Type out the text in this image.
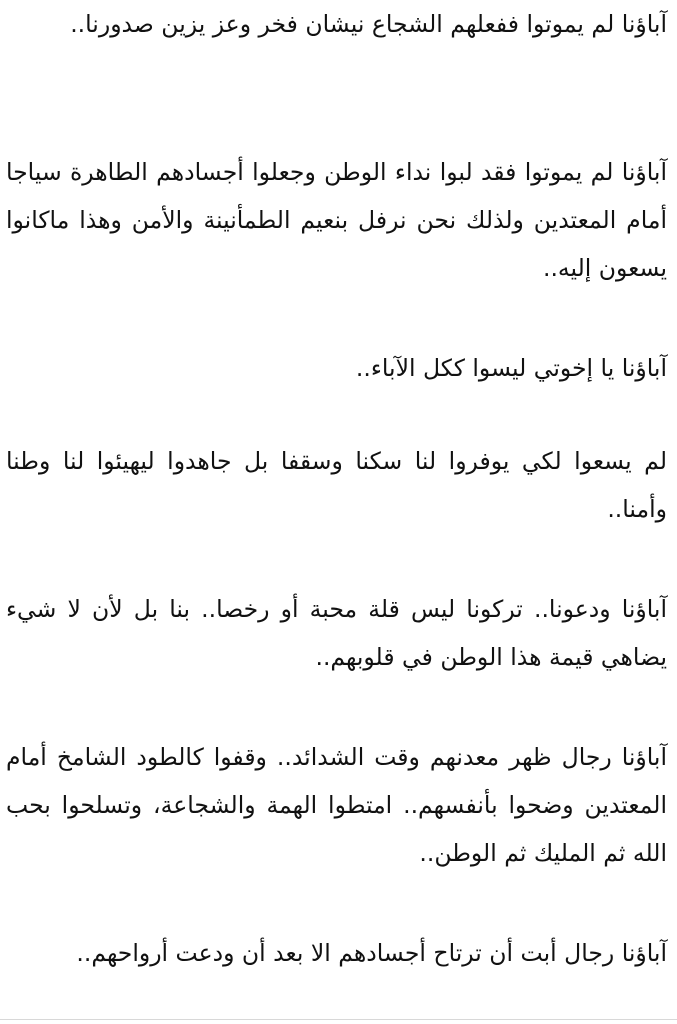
آباؤنا لم يموتوا ففعلهم الشجاع نيشان فخر وعز يزين صدورنا..

آباؤنا لم يموتوا فقد لبوا نداء الوطن وجعلوا أجسادهم الطاهرة سياجا أمام المعتدين ولذلك نحن نرفل بنعيم الطمأنينة والأمن وهذا ماكانوا يسعون إليه..

آباؤنا يا إخوتي ليسوا ككل الآباء..

لم يسعوا لكي يوفروا لنا سكنا وسقفا بل جاهدوا ليهيئوا لنا وطنا وأمنا..

آباؤنا ودعونا.. تركونا ليس قلة محبة أو رخصا.. بنا بل لأن لا شيء يضاهي قيمة هذا الوطن في قلوبهم..

آباؤنا رجال ظهر معدنهم وقت الشدائد.. وقفوا كالطود الشامخ أمام المعتدين وضحوا بأنفسهم.. امتطوا الهمة والشجاعة، وتسلحوا بحب الله ثم المليك ثم الوطن..

آباؤنا رجال أبت أن ترتاح أجسادهم الا بعد أن ودعت أرواحهم..
